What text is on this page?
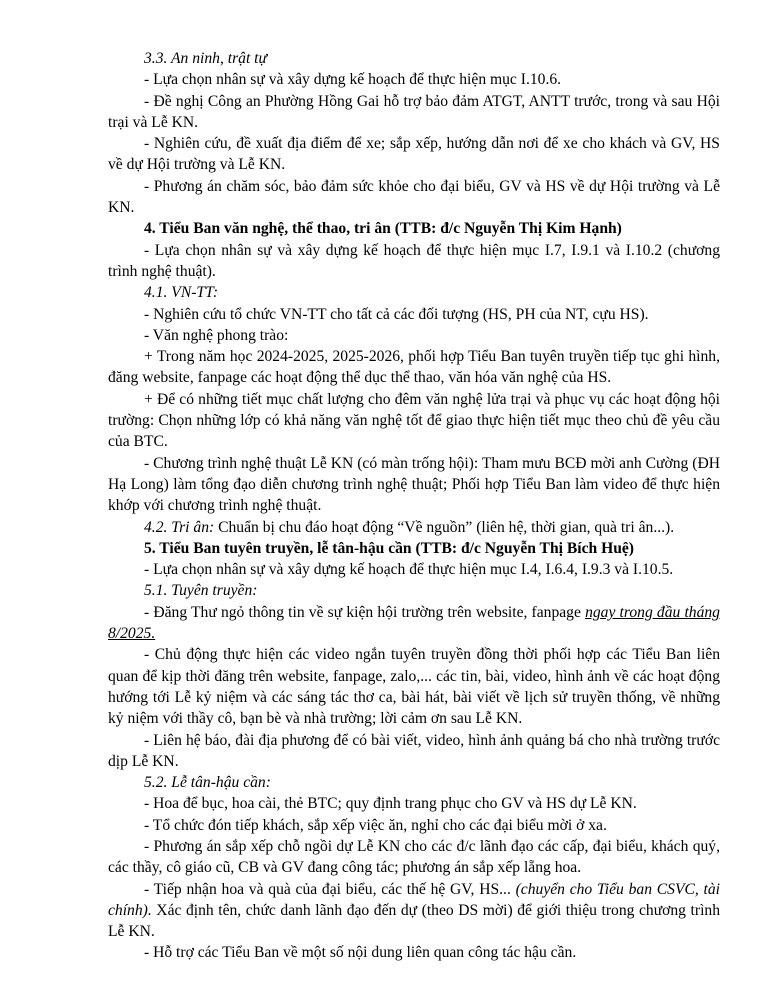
3.3. An ninh, trật tự

- Lựa chọn nhân sự và xây dựng kế hoạch để thực hiện mục I.10.6.

- Đề nghị Công an Phường Hồng Gai hỗ trợ bảo đảm ATGT, ANTT trước, trong và sau Hội trại và Lễ KN.

- Nghiên cứu, đề xuất địa điểm để xe; sắp xếp, hướng dẫn nơi để xe cho khách và GV, HS về dự Hội trường và Lễ KN.

- Phương án chăm sóc, bảo đảm sức khỏe cho đại biểu, GV và HS về dự Hội trường và Lễ KN.

4. Tiểu Ban văn nghệ, thể thao, tri ân (TTB: đ/c Nguyễn Thị Kim Hạnh)

- Lựa chọn nhân sự và xây dựng kế hoạch để thực hiện mục I.7, I.9.1 và I.10.2 (chương trình nghệ thuật).

4.1. VN-TT:

- Nghiên cứu tổ chức VN-TT cho tất cả các đối tượng (HS, PH của NT, cựu HS).

- Văn nghệ phong trào:

+ Trong năm học 2024-2025, 2025-2026, phối hợp Tiểu Ban tuyên truyền tiếp tục ghi hình, đăng website, fanpage các hoạt động thể dục thể thao, văn hóa văn nghệ của HS.

+ Để có những tiết mục chất lượng cho đêm văn nghệ lửa trại và phục vụ các hoạt động hội trường: Chọn những lớp có khả năng văn nghệ tốt để giao thực hiện tiết mục theo chủ đề yêu cầu của BTC.

- Chương trình nghệ thuật Lễ KN (có màn trống hội): Tham mưu BCĐ mời anh Cường (ĐH Hạ Long) làm tổng đạo diễn chương trình nghệ thuật; Phối hợp Tiểu Ban làm video để thực hiện khớp với chương trình nghệ thuật.

4.2. Tri ân: Chuẩn bị chu đáo hoạt động “Về nguồn” (liên hệ, thời gian, quà tri ân...).

5. Tiểu Ban tuyên truyền, lễ tân-hậu cần (TTB: đ/c Nguyễn Thị Bích Huệ)

- Lựa chọn nhân sự và xây dựng kế hoạch để thực hiện mục I.4, I.6.4, I.9.3 và I.10.5.

5.1. Tuyên truyền:

- Đăng Thư ngỏ thông tin về sự kiện hội trường trên website, fanpage ngay trong đầu tháng 8/2025.

- Chủ động thực hiện các video ngắn tuyên truyền đồng thời phối hợp các Tiểu Ban liên quan để kịp thời đăng trên website, fanpage, zalo,... các tin, bài, video, hình ảnh về các hoạt động hướng tới Lễ kỷ niệm và các sáng tác thơ ca, bài hát, bài viết về lịch sử truyền thống, về những kỷ niệm với thầy cô, bạn bè và nhà trường; lời cảm ơn sau Lễ KN.

- Liên hệ báo, đài địa phương để có bài viết, video, hình ảnh quảng bá cho nhà trường trước dịp Lễ KN.

5.2. Lễ tân-hậu cần:

- Hoa để bục, hoa cài, thẻ BTC; quy định trang phục cho GV và HS dự Lễ KN.

- Tổ chức đón tiếp khách, sắp xếp việc ăn, nghỉ cho các đại biểu mời ở xa.

- Phương án sắp xếp chỗ ngồi dự Lễ KN cho các đ/c lãnh đạo các cấp, đại biểu, khách quý, các thầy, cô giáo cũ, CB và GV đang công tác; phương án sắp xếp lẵng hoa.

- Tiếp nhận hoa và quà của đại biểu, các thế hệ GV, HS... (chuyển cho Tiểu ban CSVC, tài chính). Xác định tên, chức danh lãnh đạo đến dự (theo DS mời) để giới thiệu trong chương trình Lễ KN.

- Hỗ trợ các Tiểu Ban về một số nội dung liên quan công tác hậu cần.
